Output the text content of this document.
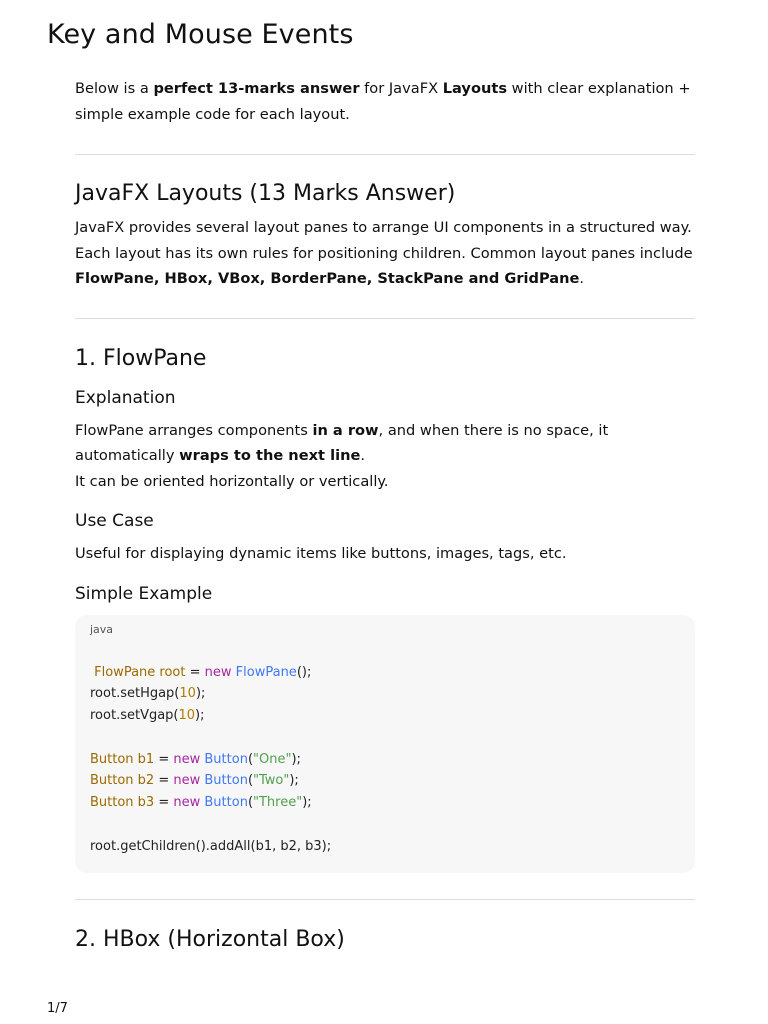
Key and Mouse Events

Below is a perfect 13-marks answer for JavaFX Layouts with clear explanation + simple example code for each layout.

JavaFX Layouts (13 Marks Answer)

JavaFX provides several layout panes to arrange UI components in a structured way. Each layout has its own rules for positioning children. Common layout panes include FlowPane, HBox, VBox, BorderPane, StackPane and GridPane.

1. FlowPane
Explanation

FlowPane arranges components in a row, and when there is no space, it automatically wraps to the next line.
It can be oriented horizontally or vertically.

Use Case

Useful for displaying dynamic items like buttons, images, tags, etc.

Simple Example
java
FlowPane root = new FlowPane();
root.setHgap(10);
root.setVgap(10);

Button b1 = new Button("One");
Button b2 = new Button("Two");
Button b3 = new Button("Three");

root.getChildren().addAll(b1, b2, b3);
2. HBox (Horizontal Box)
1/7
